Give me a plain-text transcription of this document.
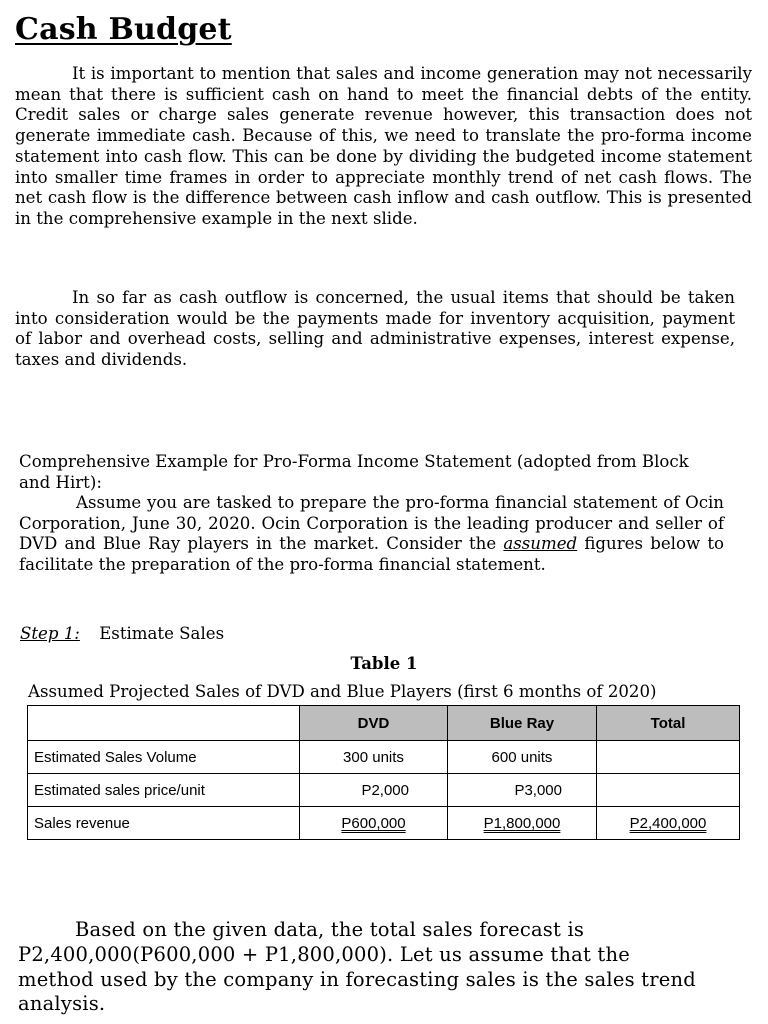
Cash Budget

It is important to mention that sales and income generation may not necessarily mean that there is sufficient cash on hand to meet the financial debts of the entity. Credit sales or charge sales generate revenue however, this transaction does not generate immediate cash. Because of this, we need to translate the pro-forma income statement into cash flow. This can be done by dividing the budgeted income statement into smaller time frames in order to appreciate monthly trend of net cash flows. The net cash flow is the difference between cash inflow and cash outflow. This is presented in the comprehensive example in the next slide.

In so far as cash outflow is concerned, the usual items that should be taken into consideration would be the payments made for inventory acquisition, payment of labor and overhead costs, selling and administrative expenses, interest expense, taxes and dividends.

Comprehensive Example for Pro-Forma Income Statement (adopted from Block and Hirt):

Assume you are tasked to prepare the pro-forma financial statement of Ocin Corporation, June 30, 2020. Ocin Corporation is the leading producer and seller of DVD and Blue Ray players in the market. Consider the assumed figures below to facilitate the preparation of the pro-forma financial statement.

Step 1: Estimate Sales

Table 1

Assumed Projected Sales of DVD and Blue Players (first 6 months of 2020)

	DVD	Blue Ray	Total
Estimated Sales Volume	300 units	600 units	
Estimated sales price/unit	P2,000	P3,000	
Sales revenue	P600,000	P1,800,000	P2,400,000

Based on the given data, the total sales forecast is P2,400,000(P600,000 + P1,800,000). Let us assume that the method used by the company in forecasting sales is the sales trend analysis.
